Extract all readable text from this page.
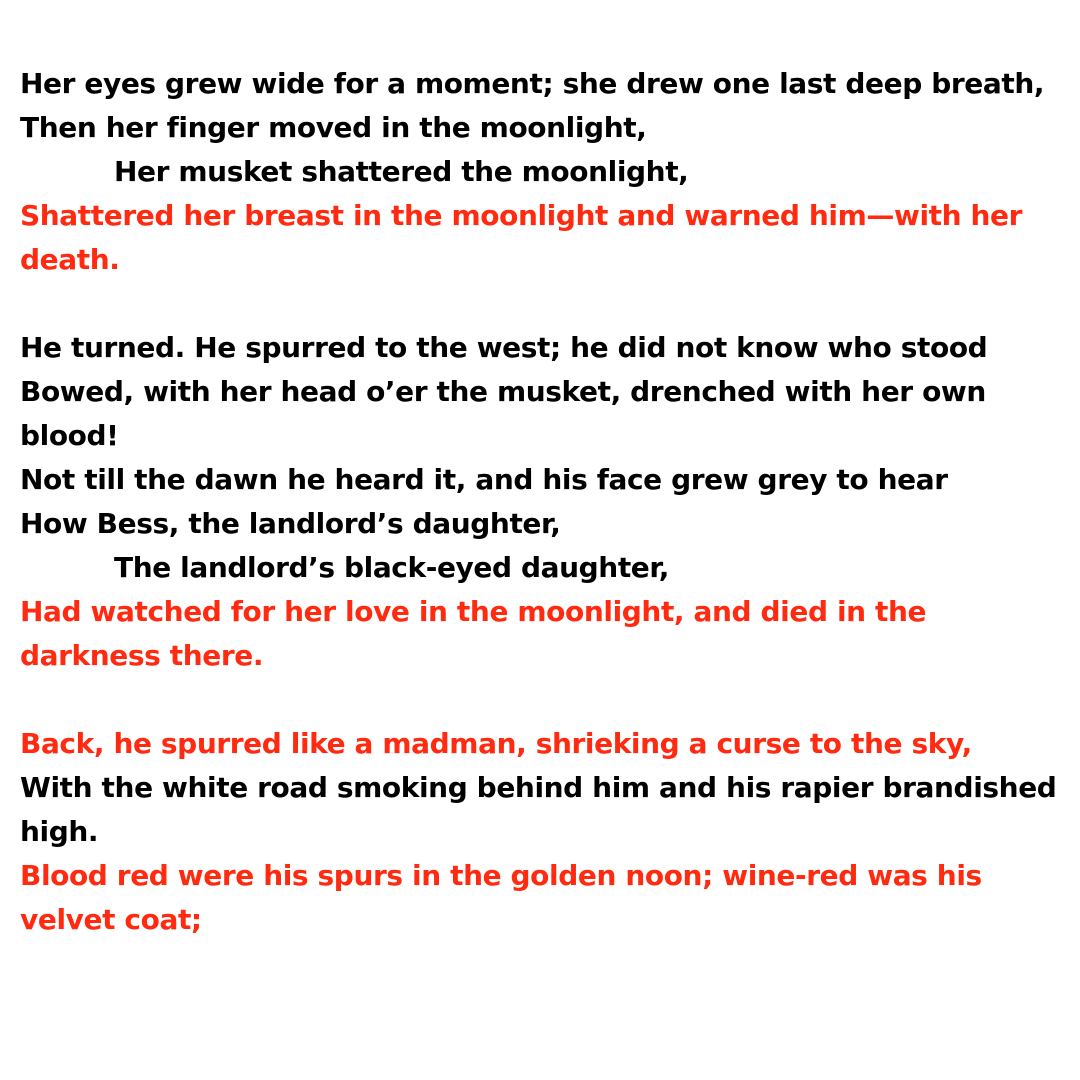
Her eyes grew wide for a moment; she drew one last deep breath,
Then her finger moved in the moonlight,
Her musket shattered the moonlight,
Shattered her breast in the moonlight and warned him—with her death.
He turned. He spurred to the west; he did not know who stood
Bowed, with her head o’er the musket, drenched with her own blood!
Not till the dawn he heard it, and his face grew grey to hear
How Bess, the landlord’s daughter,
The landlord’s black-eyed daughter,
Had watched for her love in the moonlight, and died in the darkness there.
Back, he spurred like a madman, shrieking a curse to the sky,
With the white road smoking behind him and his rapier brandished high.
Blood red were his spurs in the golden noon; wine-red was his velvet coat;
